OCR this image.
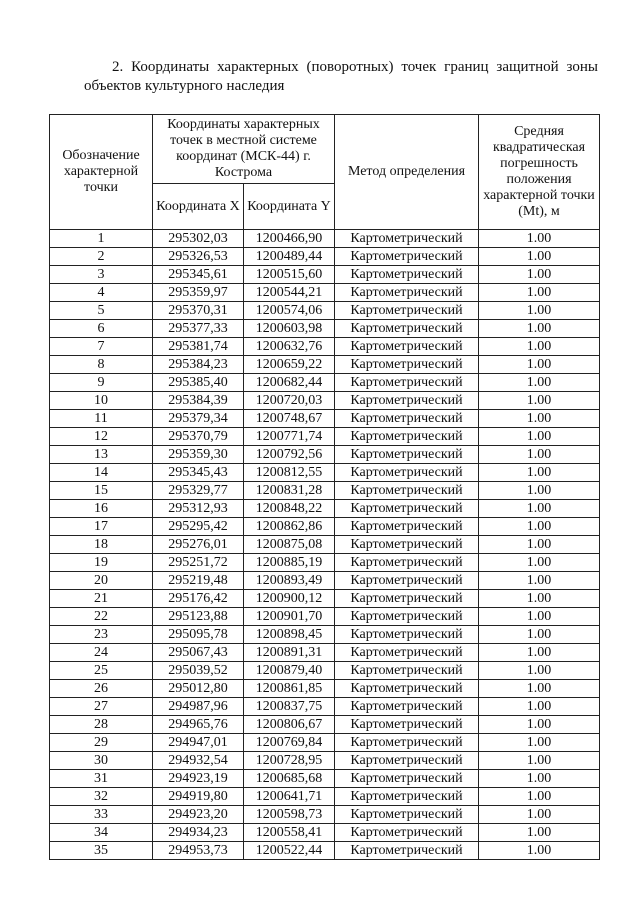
2. Координаты характерных (поворотных) точек границ защитной зоны объектов культурного наследия
Обозначение характерной точки	Координаты характерных точек в местной системе координат (МСК-44) г. Кострома		Метод определения	Средняя квадратическая погрешность положения характерной точки (Mt), м
	Координата X	Координата Y		
1	295302,03	1200466,90	Картометрический	1.00
2	295326,53	1200489,44	Картометрический	1.00
3	295345,61	1200515,60	Картометрический	1.00
4	295359,97	1200544,21	Картометрический	1.00
5	295370,31	1200574,06	Картометрический	1.00
6	295377,33	1200603,98	Картометрический	1.00
7	295381,74	1200632,76	Картометрический	1.00
8	295384,23	1200659,22	Картометрический	1.00
9	295385,40	1200682,44	Картометрический	1.00
10	295384,39	1200720,03	Картометрический	1.00
11	295379,34	1200748,67	Картометрический	1.00
12	295370,79	1200771,74	Картометрический	1.00
13	295359,30	1200792,56	Картометрический	1.00
14	295345,43	1200812,55	Картометрический	1.00
15	295329,77	1200831,28	Картометрический	1.00
16	295312,93	1200848,22	Картометрический	1.00
17	295295,42	1200862,86	Картометрический	1.00
18	295276,01	1200875,08	Картометрический	1.00
19	295251,72	1200885,19	Картометрический	1.00
20	295219,48	1200893,49	Картометрический	1.00
21	295176,42	1200900,12	Картометрический	1.00
22	295123,88	1200901,70	Картометрический	1.00
23	295095,78	1200898,45	Картометрический	1.00
24	295067,43	1200891,31	Картометрический	1.00
25	295039,52	1200879,40	Картометрический	1.00
26	295012,80	1200861,85	Картометрический	1.00
27	294987,96	1200837,75	Картометрический	1.00
28	294965,76	1200806,67	Картометрический	1.00
29	294947,01	1200769,84	Картометрический	1.00
30	294932,54	1200728,95	Картометрический	1.00
31	294923,19	1200685,68	Картометрический	1.00
32	294919,80	1200641,71	Картометрический	1.00
33	294923,20	1200598,73	Картометрический	1.00
34	294934,23	1200558,41	Картометрический	1.00
35	294953,73	1200522,44	Картометрический	1.00
